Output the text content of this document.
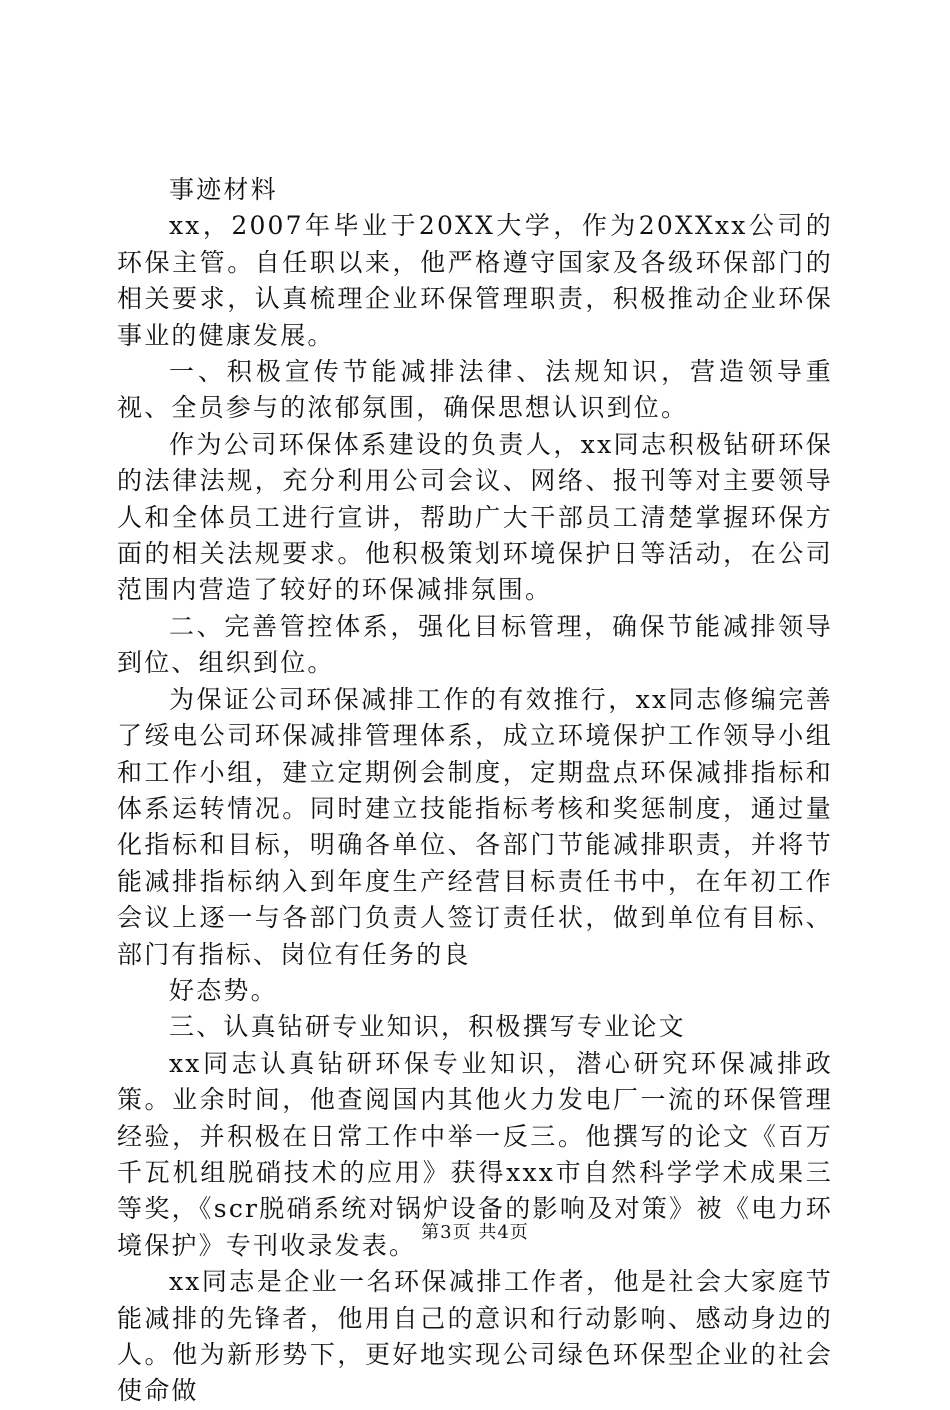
事迹材料

xx，2007年毕业于20XX大学，作为20XXxx公司的环保主管。自任职以来，他严格遵守国家及各级环保部门的相关要求，认真梳理企业环保管理职责，积极推动企业环保事业的健康发展。

一、积极宣传节能减排法律、法规知识，营造领导重视、全员参与的浓郁氛围，确保思想认识到位。

作为公司环保体系建设的负责人，xx同志积极钻研环保的法律法规，充分利用公司会议、网络、报刊等对主要领导人和全体员工进行宣讲，帮助广大干部员工清楚掌握环保方面的相关法规要求。他积极策划环境保护日等活动，在公司范围内营造了较好的环保减排氛围。

二、完善管控体系，强化目标管理，确保节能减排领导到位、组织到位。

为保证公司环保减排工作的有效推行，xx同志修编完善了绥电公司环保减排管理体系，成立环境保护工作领导小组和工作小组，建立定期例会制度，定期盘点环保减排指标和体系运转情况。同时建立技能指标考核和奖惩制度，通过量化指标和目标，明确各单位、各部门节能减排职责，并将节能减排指标纳入到年度生产经营目标责任书中，在年初工作会议上逐一与各部门负责人签订责任状，做到单位有目标、部门有指标、岗位有任务的良

好态势。

三、认真钻研专业知识，积极撰写专业论文

xx同志认真钻研环保专业知识，潜心研究环保减排政策。业余时间，他查阅国内其他火力发电厂一流的环保管理经验，并积极在日常工作中举一反三。他撰写的论文《百万千瓦机组脱硝技术的应用》获得xxx市自然科学学术成果三等奖，《scr脱硝系统对锅炉设备的影响及对策》被《电力环境保护》专刊收录发表。

xx同志是企业一名环保减排工作者，他是社会大家庭节能减排的先锋者，他用自己的意识和行动影响、感动身边的人。他为新形势下，更好地实现公司绿色环保型企业的社会使命做

第3页 共4页
